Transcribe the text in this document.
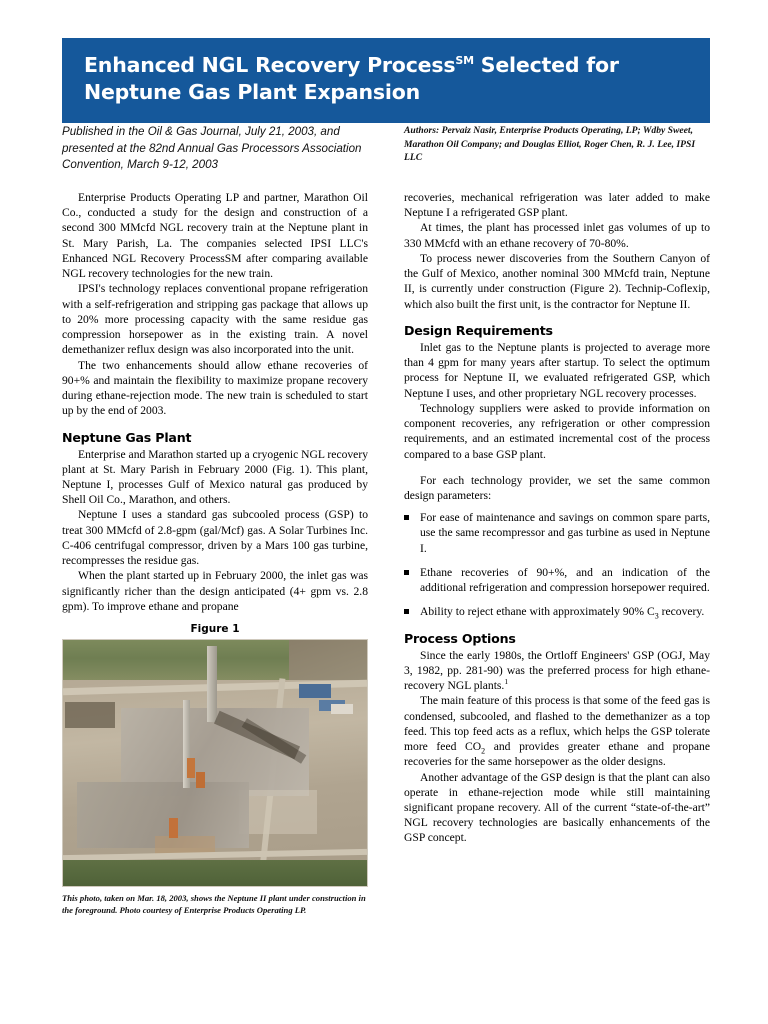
Enhanced NGL Recovery Process℠ Selected for
Neptune Gas Plant Expansion
Published in the Oil & Gas Journal, July 21, 2003, and presented at the 82nd Annual Gas Processors Association Convention, March 9-12, 2003
Authors: Pervaiz Nasir, Enterprise Products Operating, LP; Wdby Sweet, Marathon Oil Company; and Douglas Elliot, Roger Chen, R. J. Lee, IPSI LLC

Enterprise Products Operating LP and partner, Marathon Oil Co., conducted a study for the design and construction of a second 300 MMcfd NGL recovery train at the Neptune plant in St. Mary Parish, La. The companies selected IPSI LLC's Enhanced NGL Recovery ProcessSM after comparing available NGL recovery technologies for the new train.

IPSI's technology replaces conventional propane refrigeration with a self-refrigeration and stripping gas package that allows up to 20% more processing capacity with the same residue gas compression horsepower as in the existing train. A novel demethanizer reflux design was also incorporated into the unit.

The two enhancements should allow ethane recoveries of 90+% and maintain the flexibility to maximize propane recovery during ethane-rejection mode. The new train is scheduled to start up by the end of 2003.

Neptune Gas Plant

Enterprise and Marathon started up a cryogenic NGL recovery plant at St. Mary Parish in February 2000 (Fig. 1). This plant, Neptune I, processes Gulf of Mexico natural gas produced by Shell Oil Co., Marathon, and others.

Neptune I uses a standard gas subcooled process (GSP) to treat 300 MMcfd of 2.8-gpm (gal/Mcf) gas. A Solar Turbines Inc. C-406 centrifugal compressor, driven by a Mars 100 gas turbine, recompresses the residue gas.

When the plant started up in February 2000, the inlet gas was significantly richer than the design anticipated (4+ gpm vs. 2.8 gpm). To improve ethane and propane

Figure 1
This photo, taken on Mar. 18, 2003, shows the Neptune II plant under construction in the foreground. Photo courtesy of Enterprise Products Operating LP.

recoveries, mechanical refrigeration was later added to make Neptune I a refrigerated GSP plant.

At times, the plant has processed inlet gas volumes of up to 330 MMcfd with an ethane recovery of 70-80%.

To process newer discoveries from the Southern Canyon of the Gulf of Mexico, another nominal 300 MMcfd train, Neptune II, is currently under construction (Figure 2). Technip-Coflexip, which also built the first unit, is the contractor for Neptune II.

Design Requirements

Inlet gas to the Neptune plants is projected to average more than 4 gpm for many years after startup. To select the optimum process for Neptune II, we evaluated refrigerated GSP, which Neptune I uses, and other proprietary NGL recovery processes.

Technology suppliers were asked to provide information on component recoveries, any refrigeration or other compression requirements, and an estimated incremental cost of the process compared to a base GSP plant.

For each technology provider, we set the same common design parameters:

For ease of maintenance and savings on common spare parts, use the same recompressor and gas turbine as used in Neptune I.
Ethane recoveries of 90+%, and an indication of the additional refrigeration and compression horsepower required.
Ability to reject ethane with approximately 90% $C_3$ recovery.
Process Options

Since the early 1980s, the Ortloff Engineers' GSP (OGJ, May 3, 1982, pp. 281-90) was the preferred process for high ethane-recovery NGL plants.$^1$

The main feature of this process is that some of the feed gas is condensed, subcooled, and flashed to the demethanizer as a top feed. This top feed acts as a reflux, which helps the GSP tolerate more feed $CO_2$ and provides greater ethane and propane recoveries for the same horsepower as the older designs.

Another advantage of the GSP design is that the plant can also operate in ethane-rejection mode while still maintaining significant propane recovery. All of the current “state-of-the-art” NGL recovery technologies are basically enhancements of the GSP concept.
